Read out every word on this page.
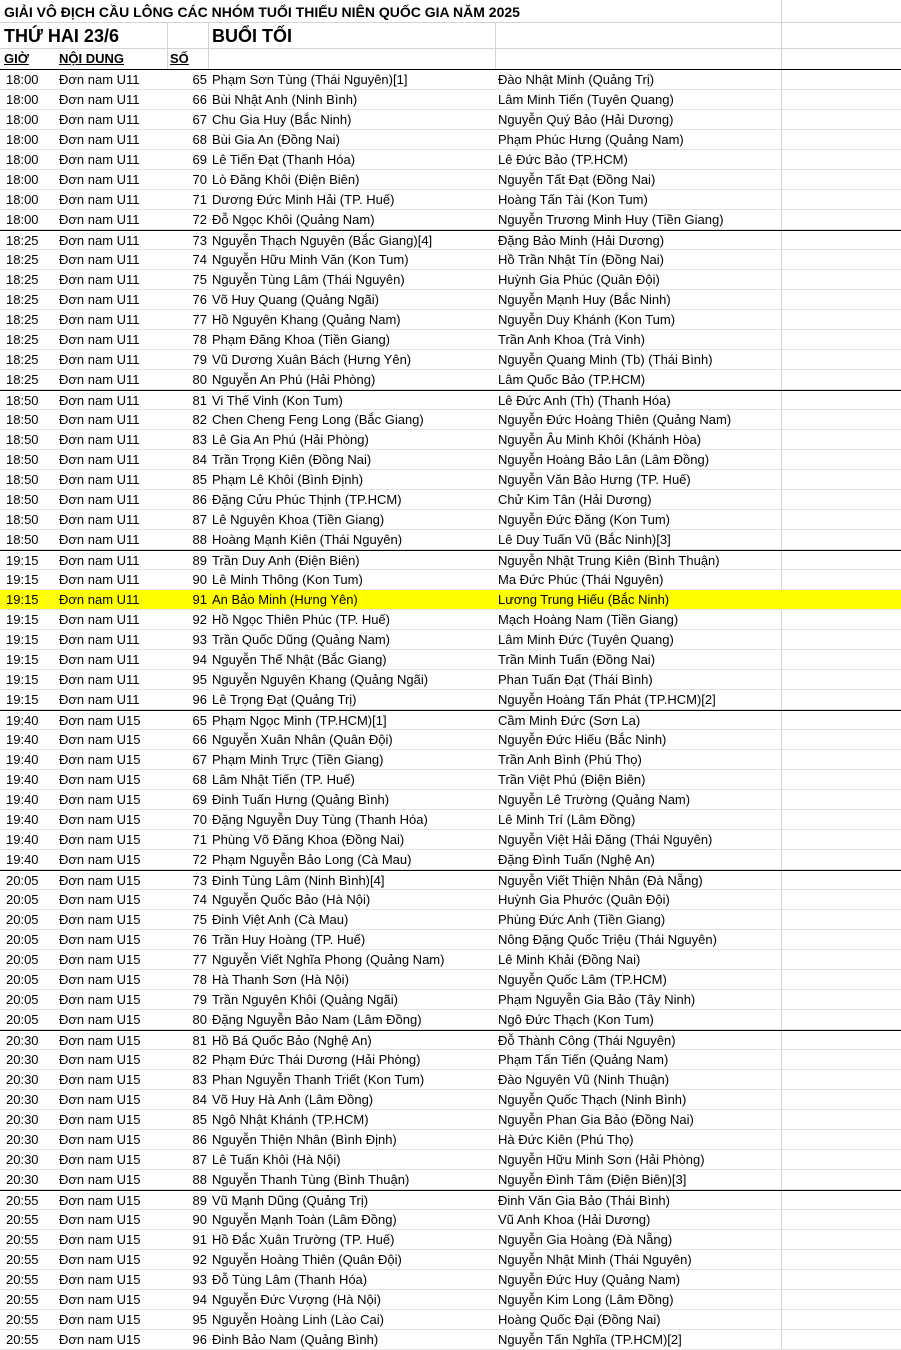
GIẢI VÔ ĐỊCH CẦU LÔNG CÁC NHÓM TUỔI THIẾU NIÊN QUỐC GIA NĂM 2025
THỨ HAI 23/6	BUỔI TỐI
GIỜ NỘI DUNG	SỐ
18:00	Đơn nam U11	65 Phạm Sơn Tùng (Thái Nguyên)[1]	Đào Nhật Minh (Quảng Trị)
18:00	Đơn nam U11	66 Bùi Nhật Anh (Ninh Bình)	Lâm Minh Tiến (Tuyên Quang)
18:00	Đơn nam U11	67 Chu Gia Huy (Bắc Ninh)	Nguyễn Quý Bảo (Hải Dương)
18:00	Đơn nam U11	68 Bùi Gia An (Đồng Nai)	Phạm Phúc Hưng (Quảng Nam)
18:00	Đơn nam U11	69 Lê Tiến Đạt (Thanh Hóa)	Lê Đức Bảo (TP.HCM)
18:00	Đơn nam U11	70 Lò Đăng Khôi (Điện Biên)	Nguyễn Tất Đạt (Đồng Nai)
18:00	Đơn nam U11	71 Dương Đức Minh Hải (TP. Huế)	Hoàng Tấn Tài (Kon Tum)
18:00	Đơn nam U11	72 Đỗ Ngọc Khôi (Quảng Nam)	Nguyễn Trương Minh Huy (Tiền Giang)
18:25	Đơn nam U11	73 Nguyễn Thạch Nguyên (Bắc Giang)[4]	Đặng Bảo Minh (Hải Dương)
18:25	Đơn nam U11	74 Nguyễn Hữu Minh Văn (Kon Tum)	Hồ Trần Nhật Tín (Đồng Nai)
18:25	Đơn nam U11	75 Nguyễn Tùng Lâm (Thái Nguyên)	Huỳnh Gia Phúc (Quân Đội)
18:25	Đơn nam U11	76 Võ Huy Quang (Quảng Ngãi)	Nguyễn Mạnh Huy (Bắc Ninh)
18:25	Đơn nam U11	77 Hồ Nguyên Khang (Quảng Nam)	Nguyễn Duy Khánh (Kon Tum)
18:25	Đơn nam U11	78 Phạm Đăng Khoa (Tiền Giang)	Trần Anh Khoa (Trà Vinh)
18:25	Đơn nam U11	79 Vũ Dương Xuân Bách (Hưng Yên)	Nguyễn Quang Minh (Tb) (Thái Bình)
18:25	Đơn nam U11	80 Nguyễn An Phú (Hải Phòng)	Lâm Quốc Bảo (TP.HCM)
18:50	Đơn nam U11	81 Vi Thế Vinh (Kon Tum)	Lê Đức Anh (Th) (Thanh Hóa)
18:50	Đơn nam U11	82 Chen Cheng Feng Long (Bắc Giang)	Nguyễn Đức Hoàng Thiên (Quảng Nam)
18:50	Đơn nam U11	83 Lê Gia An Phú (Hải Phòng)	Nguyễn Âu Minh Khôi (Khánh Hòa)
18:50	Đơn nam U11	84 Trần Trọng Kiên (Đồng Nai)	Nguyễn Hoàng Bảo Lân (Lâm Đồng)
18:50	Đơn nam U11	85 Phạm Lê Khôi (Bình Định)	Nguyễn Văn Bảo Hưng (TP. Huế)
18:50	Đơn nam U11	86 Đặng Cửu Phúc Thịnh (TP.HCM)	Chử Kim Tân (Hải Dương)
18:50	Đơn nam U11	87 Lê Nguyên Khoa (Tiền Giang)	Nguyễn Đức Đăng (Kon Tum)
18:50	Đơn nam U11	88 Hoàng Mạnh Kiên (Thái Nguyên)	Lê Duy Tuấn Vũ (Bắc Ninh)[3]
19:15	Đơn nam U11	89 Trần Duy Anh (Điện Biên)	Nguyễn Nhật Trung Kiên (Bình Thuận)
19:15	Đơn nam U11	90 Lê Minh Thông (Kon Tum)	Ma Đức Phúc (Thái Nguyên)
19:15	Đơn nam U11	91 An Bảo Minh (Hưng Yên)	Lương Trung Hiếu (Bắc Ninh)
19:15	Đơn nam U11	92 Hồ Ngọc Thiên Phúc (TP. Huế)	Mạch Hoàng Nam (Tiền Giang)
19:15	Đơn nam U11	93 Trần Quốc Dũng (Quảng Nam)	Lâm Minh Đức (Tuyên Quang)
19:15	Đơn nam U11	94 Nguyễn Thế Nhật (Bắc Giang)	Trần Minh Tuấn (Đồng Nai)
19:15	Đơn nam U11	95 Nguyễn Nguyên Khang (Quảng Ngãi)	Phan Tuấn Đạt (Thái Bình)
19:15	Đơn nam U11	96 Lê Trọng Đạt (Quảng Trị)	Nguyễn Hoàng Tấn Phát (TP.HCM)[2]
19:40	Đơn nam U15	65 Phạm Ngọc Minh (TP.HCM)[1]	Cầm Minh Đức (Sơn La)
19:40	Đơn nam U15	66 Nguyễn Xuân Nhân (Quân Đội)	Nguyễn Đức Hiếu (Bắc Ninh)
19:40	Đơn nam U15	67 Phạm Minh Trực (Tiền Giang)	Trần Anh Bình (Phú Thọ)
19:40	Đơn nam U15	68 Lâm Nhật Tiến (TP. Huế)	Trần Việt Phú (Điện Biên)
19:40	Đơn nam U15	69 Đinh Tuấn Hưng (Quảng Bình)	Nguyễn Lê Trường (Quảng Nam)
19:40	Đơn nam U15	70 Đặng Nguyễn Duy Tùng (Thanh Hóa)	Lê Minh Trí (Lâm Đồng)
19:40	Đơn nam U15	71 Phùng Võ Đăng Khoa (Đồng Nai)	Nguyễn Việt Hải Đăng (Thái Nguyên)
19:40	Đơn nam U15	72 Phạm Nguyễn Bảo Long (Cà Mau)	Đặng Đình Tuấn (Nghệ An)
20:05	Đơn nam U15	73 Đinh Tùng Lâm (Ninh Bình)[4]	Nguyễn Viết Thiện Nhân (Đà Nẵng)
20:05	Đơn nam U15	74 Nguyễn Quốc Bảo (Hà Nội)	Huỳnh Gia Phước (Quân Đội)
20:05	Đơn nam U15	75 Đinh Việt Anh (Cà Mau)	Phùng Đức Anh (Tiền Giang)
20:05	Đơn nam U15	76 Trần Huy Hoàng (TP. Huế)	Nông Đặng Quốc Triệu (Thái Nguyên)
20:05	Đơn nam U15	77 Nguyễn Viết Nghĩa Phong (Quảng Nam)	Lê Minh Khải (Đồng Nai)
20:05	Đơn nam U15	78 Hà Thanh Sơn (Hà Nội)	Nguyễn Quốc Lâm (TP.HCM)
20:05	Đơn nam U15	79 Trần Nguyên Khôi (Quảng Ngãi)	Phạm Nguyễn Gia Bảo (Tây Ninh)
20:05	Đơn nam U15	80 Đặng Nguyễn Bảo Nam (Lâm Đồng)	Ngô Đức Thạch (Kon Tum)
20:30	Đơn nam U15	81 Hồ Bá Quốc Bảo (Nghệ An)	Đỗ Thành Công (Thái Nguyên)
20:30	Đơn nam U15	82 Phạm Đức Thái Dương (Hải Phòng)	Phạm Tấn Tiến (Quảng Nam)
20:30	Đơn nam U15	83 Phan Nguyễn Thanh Triết (Kon Tum)	Đào Nguyên Vũ (Ninh Thuận)
20:30	Đơn nam U15	84 Võ Huy Hà Anh (Lâm Đồng)	Nguyễn Quốc Thạch (Ninh Bình)
20:30	Đơn nam U15	85 Ngô Nhật Khánh (TP.HCM)	Nguyễn Phan Gia Bảo (Đồng Nai)
20:30	Đơn nam U15	86 Nguyễn Thiện Nhân (Bình Định)	Hà Đức Kiên (Phú Thọ)
20:30	Đơn nam U15	87 Lê Tuấn Khôi (Hà Nội)	Nguyễn Hữu Minh Sơn (Hải Phòng)
20:30	Đơn nam U15	88 Nguyễn Thanh Tùng (Bình Thuận)	Nguyễn Đình Tâm (Điện Biên)[3]
20:55	Đơn nam U15	89 Vũ Mạnh Dũng (Quảng Trị)	Đinh Văn Gia Bảo (Thái Bình)
20:55	Đơn nam U15	90 Nguyễn Mạnh Toàn (Lâm Đồng)	Vũ Anh Khoa (Hải Dương)
20:55	Đơn nam U15	91 Hồ Đắc Xuân Trường (TP. Huế)	Nguyễn Gia Hoàng (Đà Nẵng)
20:55	Đơn nam U15	92 Nguyễn Hoàng Thiên (Quân Đội)	Nguyễn Nhật Minh (Thái Nguyên)
20:55	Đơn nam U15	93 Đỗ Tùng Lâm (Thanh Hóa)	Nguyễn Đức Huy (Quảng Nam)
20:55	Đơn nam U15	94 Nguyễn Đức Vượng (Hà Nội)	Nguyễn Kim Long (Lâm Đồng)
20:55	Đơn nam U15	95 Nguyễn Hoàng Linh (Lào Cai)	Hoàng Quốc Đại (Đồng Nai)
20:55	Đơn nam U15	96 Đinh Bảo Nam (Quảng Bình)	Nguyễn Tấn Nghĩa (TP.HCM)[2]
